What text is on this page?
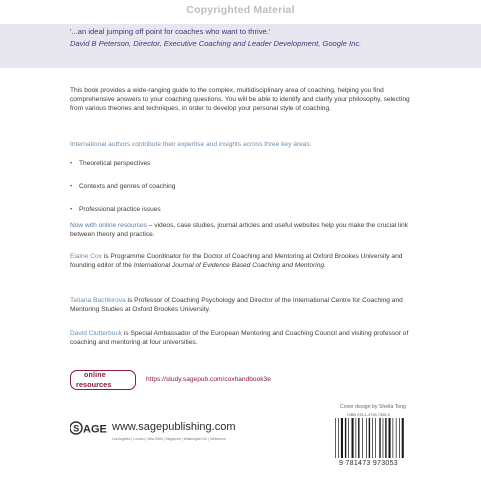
Copyrighted Material
'...an ideal jumping off point for coaches who want to thrive.'
David B Peterson, Director, Executive Coaching and Leader Development, Google Inc.
This book provides a wide-ranging guide to the complex, multidisciplinary area of coaching, helping you find comprehensive answers to your coaching questions. You will be able to identify and clarify your philosophy, selecting from various theories and techniques, in order to develop your personal style of coaching.
International authors contribute their expertise and insights across three key areas:
• Theoretical perspectives
• Contexts and genres of coaching
• Professional practice issues
Now with online resources – videos, case studies, journal articles and useful websites help you make the crucial link between theory and practice.
Elaine Cox is Programme Coordinator for the Doctor of Coaching and Mentoring at Oxford Brookes University and founding editor of the International Journal of Evidence Based Coaching and Mentoring.
Tatiana Bachkirova is Professor of Coaching Psychology and Director of the International Centre for Coaching and Mentoring Studies at Oxford Brookes University.
David Clutterbuck is Special Ambassador of the European Mentoring and Coaching Council and visiting professor of coaching and mentoring at four universities.
online
resources
https://study.sagepub.com/coxhandbook3e
Cover design by Sheila Tong
S AGE www.sagepublishing.com
Los Angeles | London | New Delhi | Singapore | Washington DC | Melbourne
ISBN 978-1-4739-7305-3
9 781473 973053
